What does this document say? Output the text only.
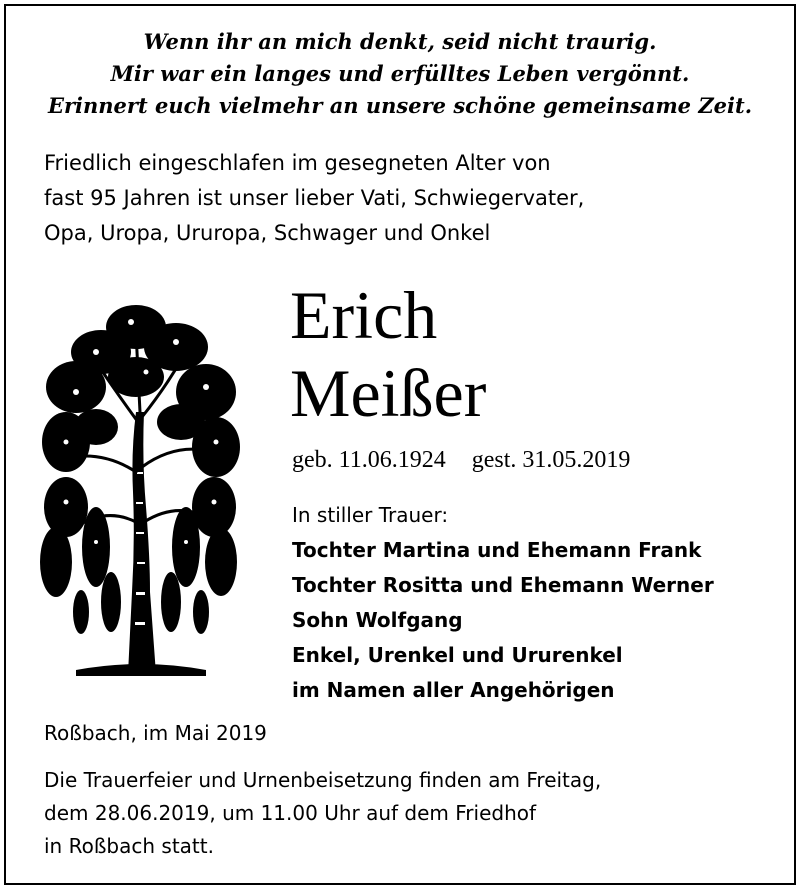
Wenn ihr an mich denkt, seid nicht traurig.
Mir war ein langes und erfülltes Leben vergönnt.
Erinnert euch vielmehr an unsere schöne gemeinsame Zeit.
Friedlich eingeschlafen im gesegneten Alter von
fast 95 Jahren ist unser lieber Vati, Schwiegervater,
Opa, Uropa, Ururopa, Schwager und Onkel
Erich
Meißer
geb. 11.06.1924 gest. 31.05.2019
In stiller Trauer:
Tochter Martina und Ehemann Frank
Tochter Rositta und Ehemann Werner
Sohn Wolfgang
Enkel, Urenkel und Ururenkel
im Namen aller Angehörigen
Roßbach, im Mai 2019
Die Trauerfeier und Urnenbeisetzung finden am Freitag,
dem 28.06.2019, um 11.00 Uhr auf dem Friedhof
in Roßbach statt.
